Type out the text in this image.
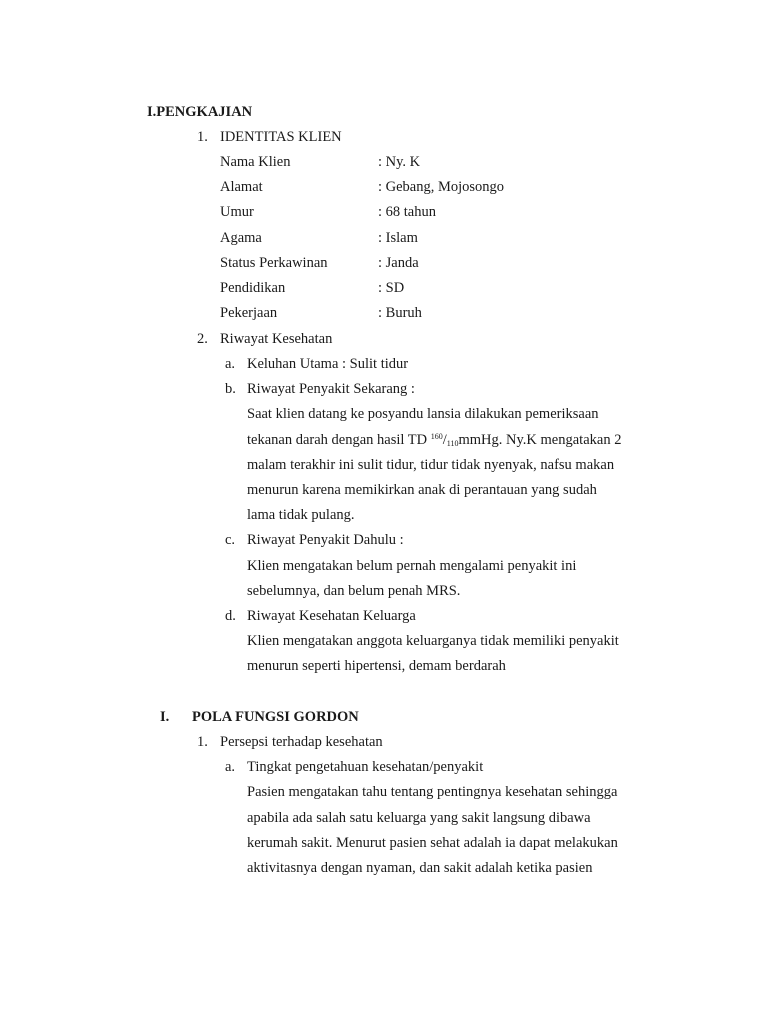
I.PENGKAJIAN
1. IDENTITAS KLIEN
Nama Klien	: Ny. K
Alamat	: Gebang, Mojosongo
Umur	: 68 tahun
Agama	: Islam
Status Perkawinan	: Janda
Pendidikan	: SD
Pekerjaan	: Buruh
2. Riwayat Kesehatan
a. Keluhan Utama : Sulit tidur
b. Riwayat Penyakit Sekarang :
Saat klien datang ke posyandu lansia dilakukan pemeriksaan
tekanan darah dengan hasil TD $^{160}/_{110}mmHg$. Ny.K mengatakan 2
malam terakhir ini sulit tidur, tidur tidak nyenyak, nafsu makan
menurun karena memikirkan anak di perantauan yang sudah
lama tidak pulang.
c. Riwayat Penyakit Dahulu :
Klien mengatakan belum pernah mengalami penyakit ini
sebelumnya, dan belum penah MRS.
d. Riwayat Kesehatan Keluarga
Klien mengatakan anggota keluarganya tidak memiliki penyakit
menurun seperti hipertensi, demam berdarah
I. POLA FUNGSI GORDON
1. Persepsi terhadap kesehatan
a. Tingkat pengetahuan kesehatan/penyakit
Pasien mengatakan tahu tentang pentingnya kesehatan sehingga
apabila ada salah satu keluarga yang sakit langsung dibawa
kerumah sakit. Menurut pasien sehat adalah ia dapat melakukan
aktivitasnya dengan nyaman, dan sakit adalah ketika pasien
